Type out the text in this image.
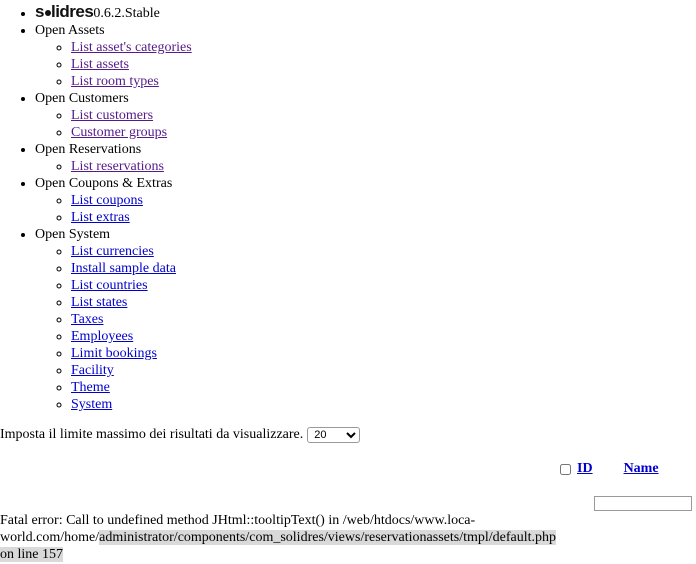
• s lidres 0.6.2.Stable
• Open Assets
◦ List asset's categories
◦ List assets
◦ List room types
• Open Customers
◦ List customers
◦ Customer groups
• Open Reservations
◦ List reservations
• Open Coupons & Extras
◦ List coupons
◦ List extras
• Open System
◦ List currencies
◦ Install sample data
◦ List countries
◦ List states
◦ Taxes
◦ Employees
◦ Limit bookings
◦ Facility
◦ Theme
◦ System
Imposta il limite massimo dei risultati da visualizzare.
20
ID Name
Fatal error: Call to undefined method JHtml::tooltipText() in /web/htdocs/www.loca-
world.com/home/administrator/components/com_solidres/views/reservationassets/tmpl/default.php
on line 157
